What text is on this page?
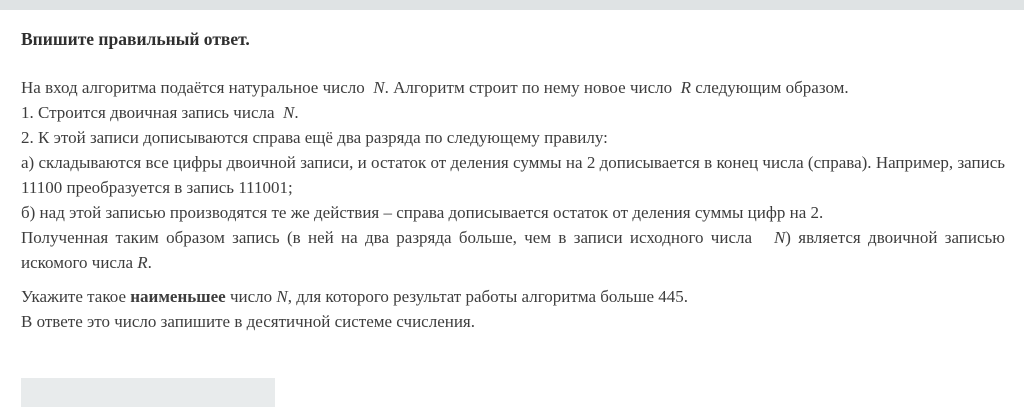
Впишите правильный ответ.
На вход алгоритма подаётся натуральное число  N. Алгоритм строит по нему новое число  R следующим образом.
1. Строится двоичная запись числа  N.
2. К этой записи дописываются справа ещё два разряда по следующему правилу:
а) складываются все цифры двоичной записи, и остаток от деления суммы на 2 дописывается в конец числа (справа). Например, запись 11100 преобразуется в запись 111001;
б) над этой записью производятся те же действия – справа дописывается остаток от деления суммы цифр на 2.
Полученная таким образом запись (в ней на два разряда больше, чем в записи исходного числа   N) является двоичной записью искомого числа R.
Укажите такое наименьшее число N, для которого результат работы алгоритма больше 445.
В ответе это число запишите в десятичной системе счисления.
